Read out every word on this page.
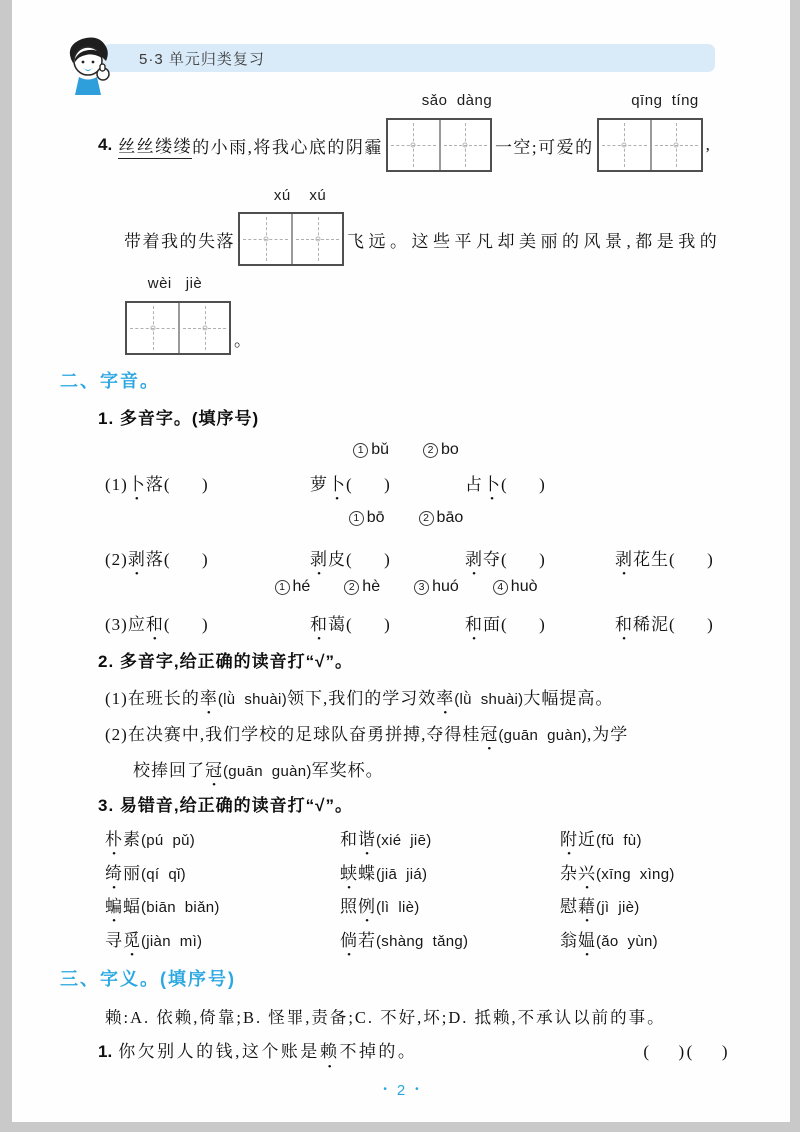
5·3 单元归类复习
sǎo  dàng	qīng  tíng
4. 丝丝缕缕 的小雨,将我心底的阴霾	一空;可爱的	,
xú    xú
带着我的失落	飞远。这些平凡却美丽的风景,都是我的
wèi   jiè
。
二、字音。
1. 多音字。(填序号)
1 bǔ	2 bo
(1)卜落(      )	萝卜(      )	占卜(      )
1 bō	2 bāo
(2)剥落(      )	剥皮(      )	剥夺(      )	剥花生(      )
1 hé	2 hè	3 huó	4 huò
(3)应和(      )	和蔼(      )	和面(      )	和稀泥(      )
2. 多音字,给正确的读音打“√”。
(1)在班长的率(lǜ  shuài)领下,我们的学习效率(lǜ  shuài)大幅提高。
(2)在决赛中,我们学校的足球队奋勇拼搏,夺得桂冠(guān  guàn),为学
校捧回了冠(guān  guàn)军奖杯。
3. 易错音,给正确的读音打“√”。
朴素(pú  pǔ)	和谐(xié  jiē)	附近(fǔ  fù)
绮丽(qí  qǐ)	蛱蝶(jiā  jiá)	杂兴(xīng  xìng)
蝙蝠(biān  biǎn)	照例(lì  liè)	慰藉(jì  jiè)
寻觅(jiàn  mì)	倘若(shàng  tǎng)	翁媪(ǎo  yùn)
三、字义。(填序号)
赖:A. 依赖,倚靠;B. 怪罪,责备;C. 不好,坏;D. 抵赖,不承认以前的事。
1. 你欠别人的钱,这个账是 赖 • 不掉的。	(    )(    )
• 2 •
